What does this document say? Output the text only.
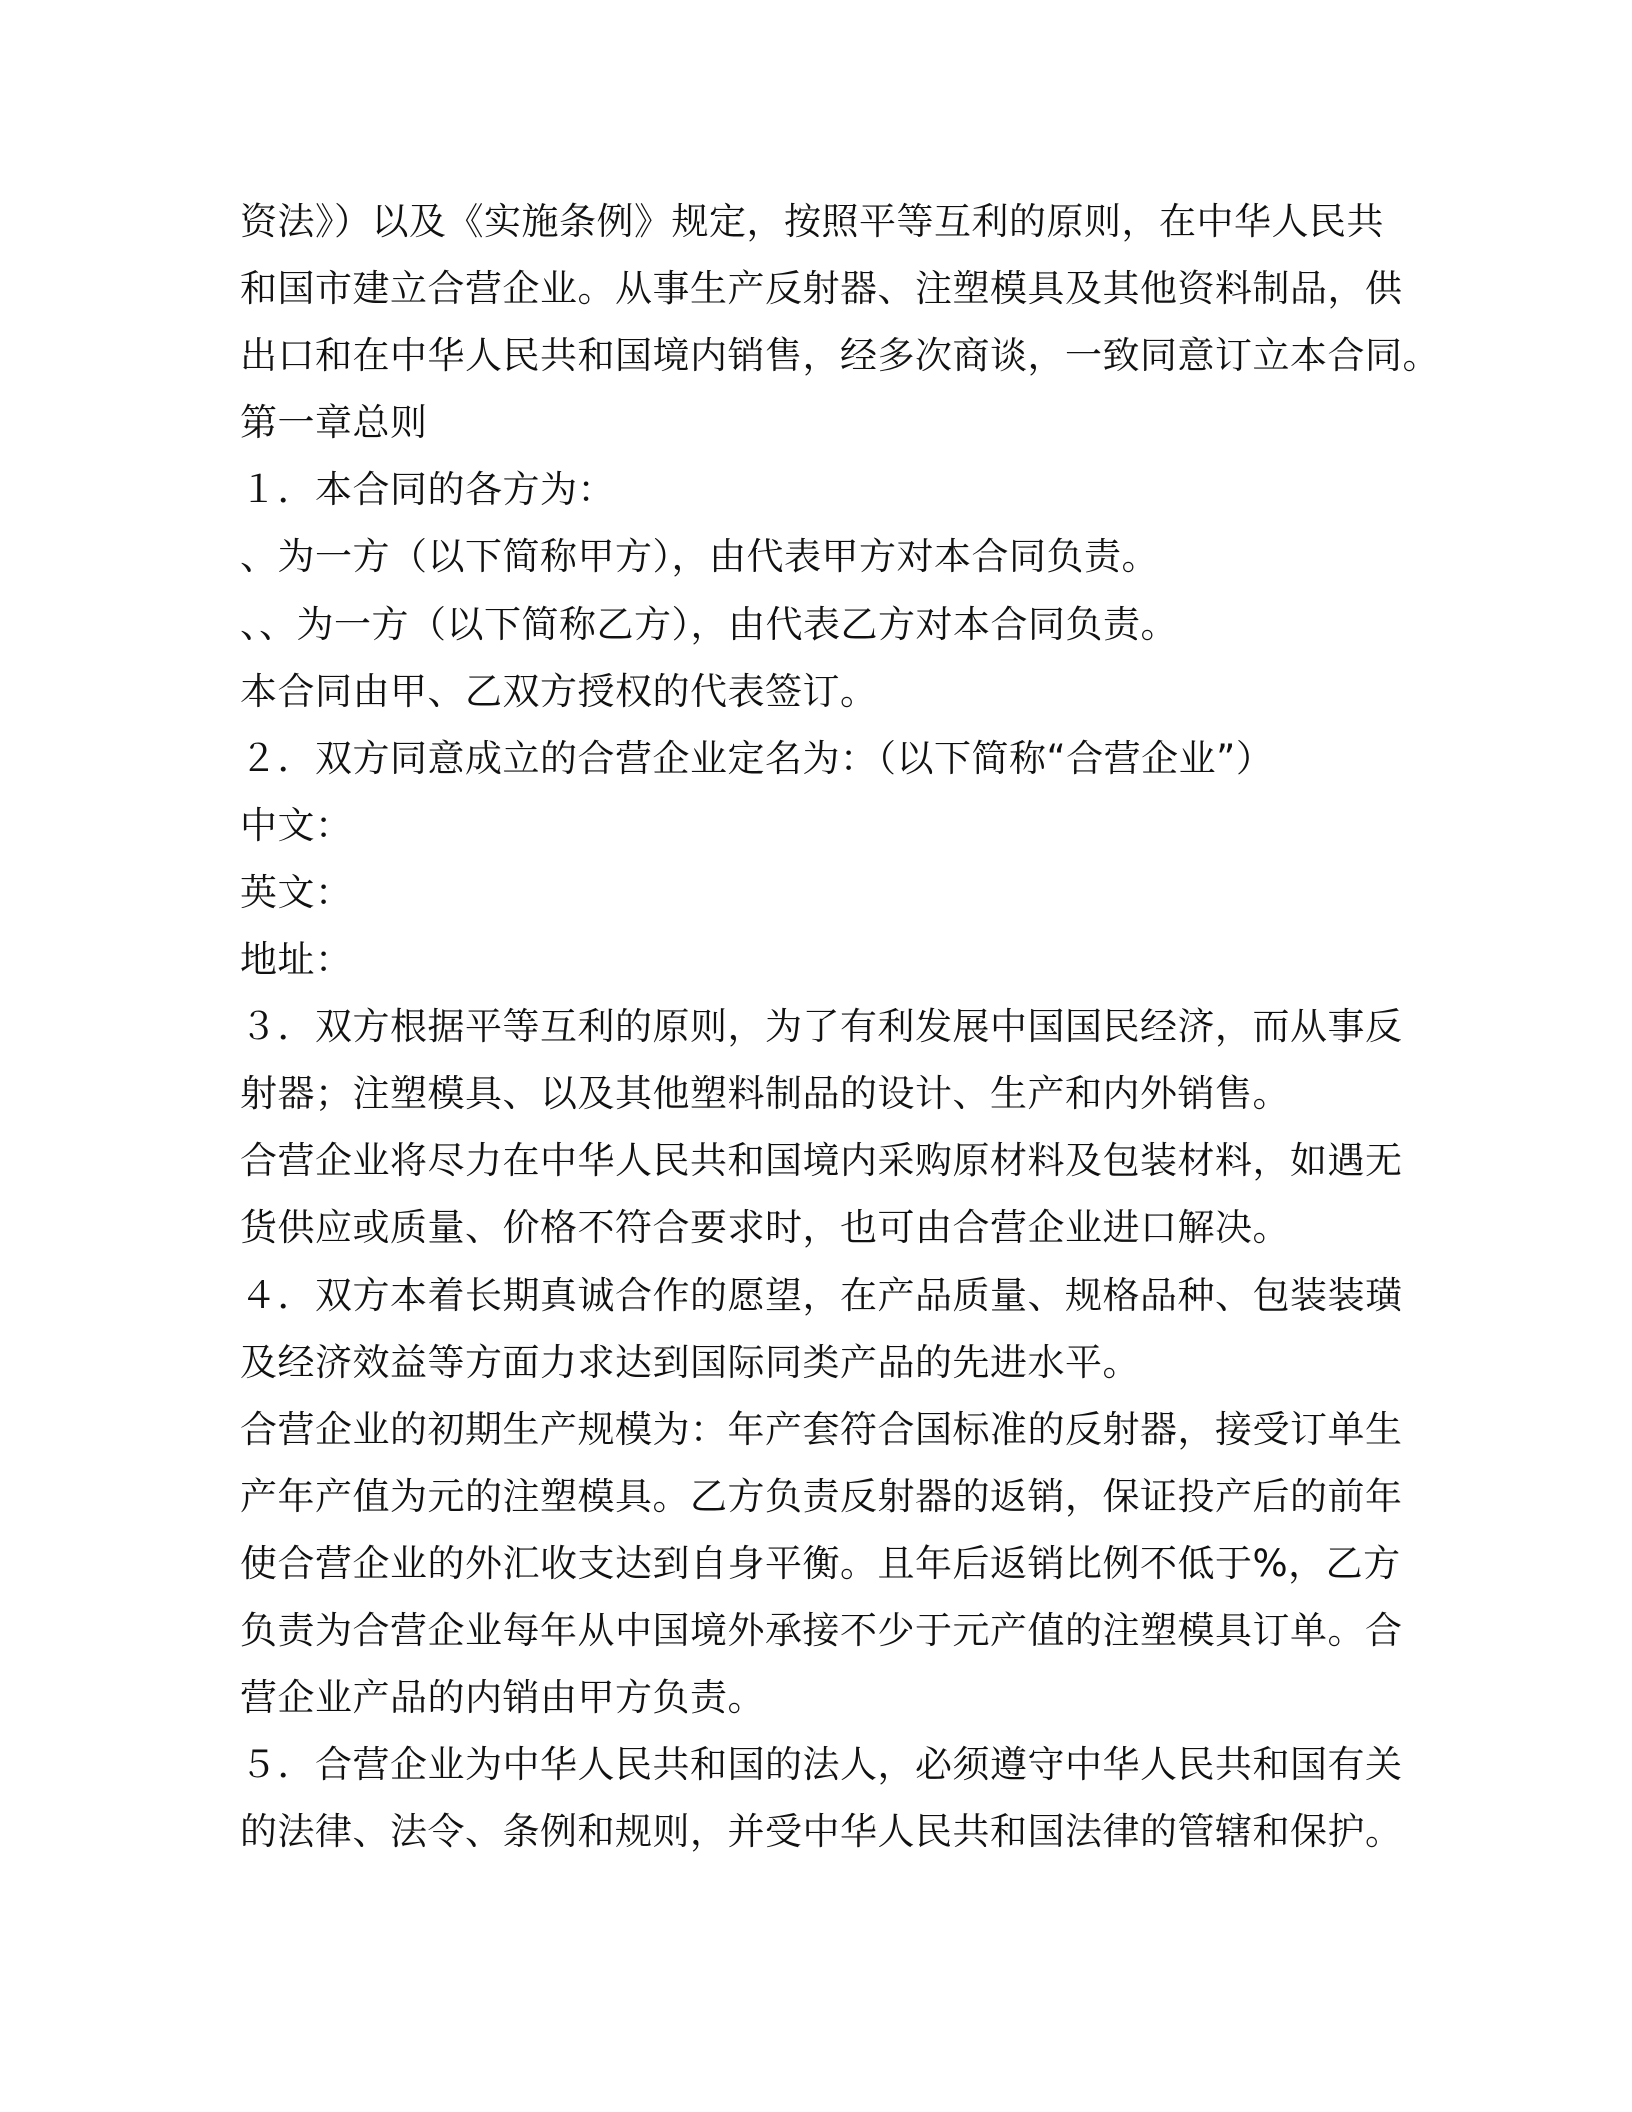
资法》）以及《实施条例》规定，按照平等互利的原则，在中华人民共
和国市建立合营企业。从事生产反射器、注塑模具及其他资料制品，供
出口和在中华人民共和国境内销售，经多次商谈，一致同意订立本合同。
第一章总则
１．本合同的各方为：
、为一方（以下简称甲方），由代表甲方对本合同负责。
、、为一方（以下简称乙方），由代表乙方对本合同负责。
本合同由甲、乙双方授权的代表签订。
２．双方同意成立的合营企业定名为：（以下简称“合营企业”）
中文：
英文：
地址：
３．双方根据平等互利的原则，为了有利发展中国国民经济，而从事反
射器；注塑模具、以及其他塑料制品的设计、生产和内外销售。
合营企业将尽力在中华人民共和国境内采购原材料及包装材料，如遇无
货供应或质量、价格不符合要求时，也可由合营企业进口解决。
４．双方本着长期真诚合作的愿望，在产品质量、规格品种、包装装璜
及经济效益等方面力求达到国际同类产品的先进水平。
合营企业的初期生产规模为：年产套符合国标准的反射器，接受订单生
产年产值为元的注塑模具。乙方负责反射器的返销，保证投产后的前年
使合营企业的外汇收支达到自身平衡。且年后返销比例不低于%，乙方
负责为合营企业每年从中国境外承接不少于元产值的注塑模具订单。合
营企业产品的内销由甲方负责。
５．合营企业为中华人民共和国的法人，必须遵守中华人民共和国有关
的法律、法令、条例和规则，并受中华人民共和国法律的管辖和保护。
